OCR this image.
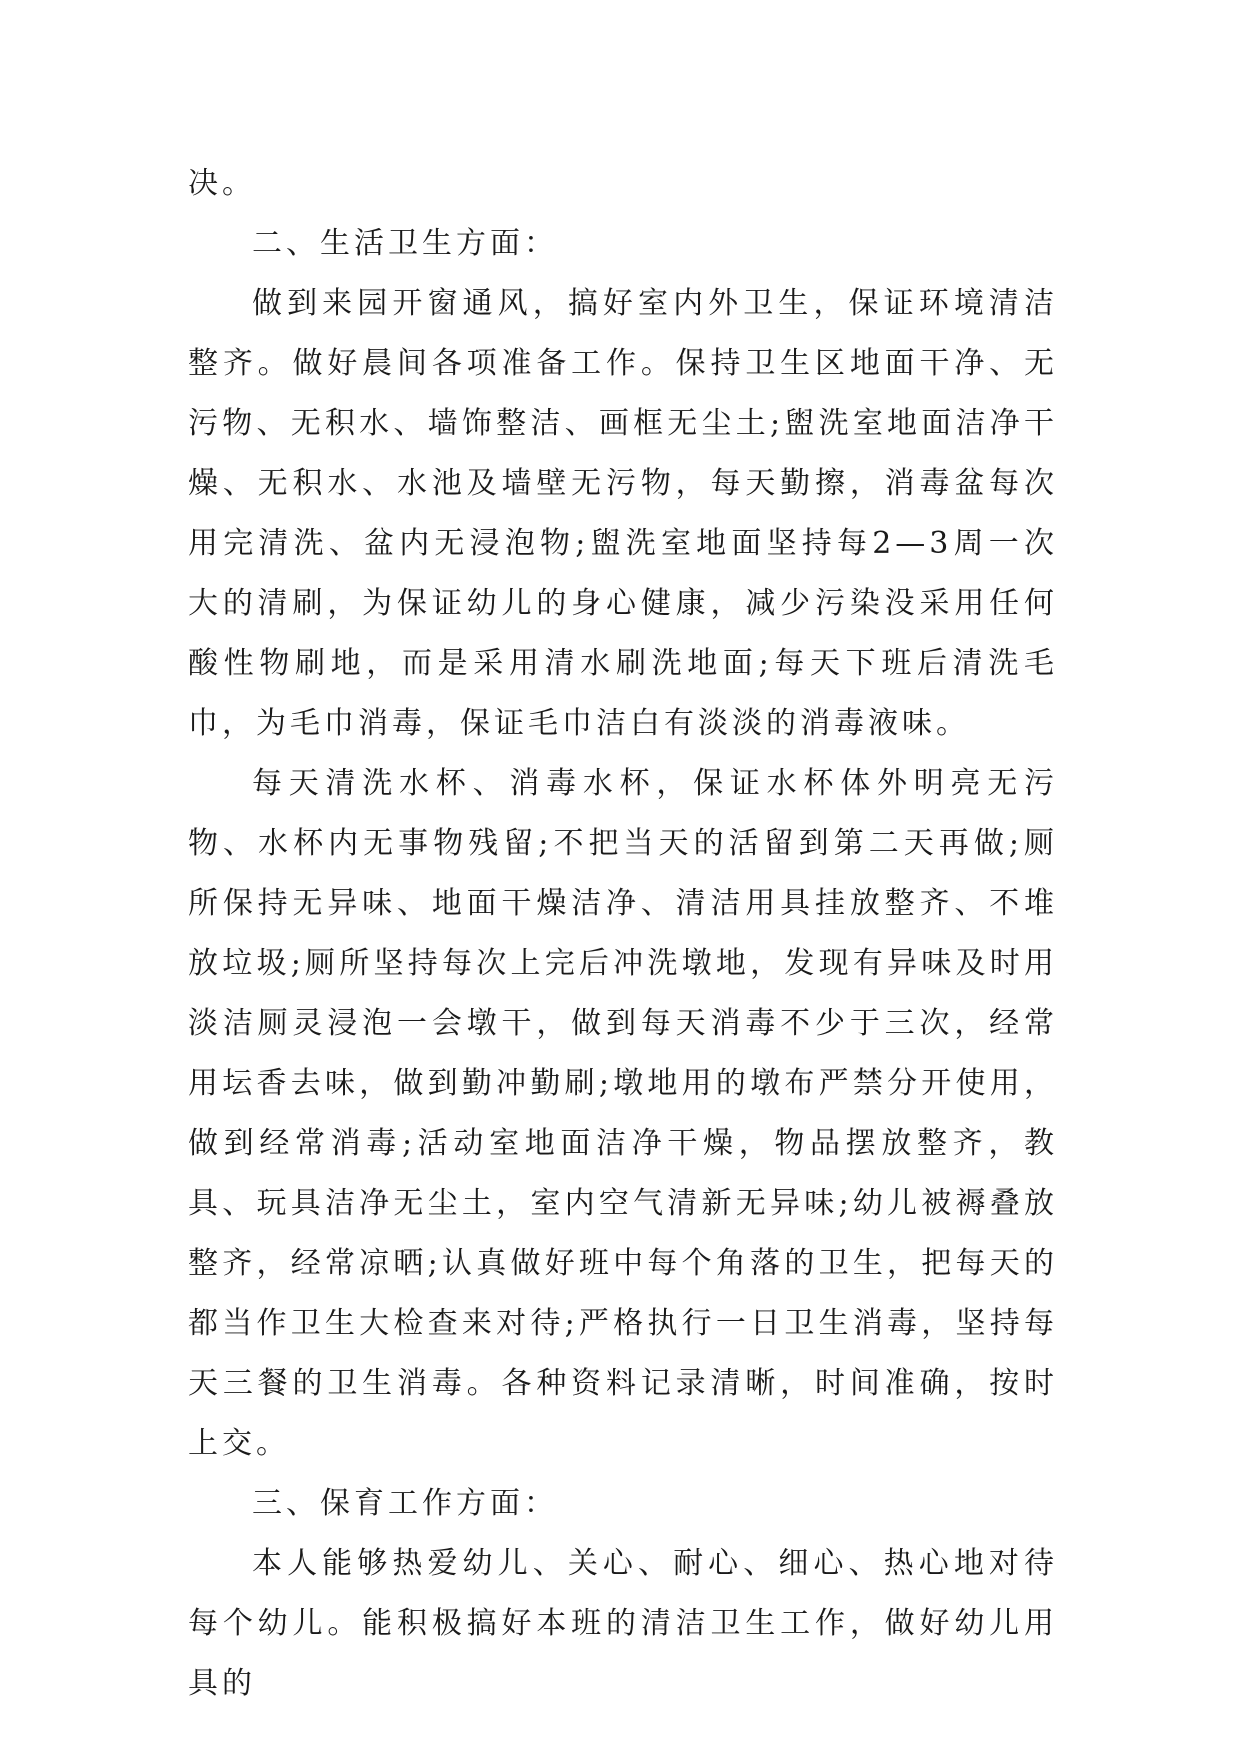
决。

二、生活卫生方面：

做到来园开窗通风，搞好室内外卫生，保证环境清洁整齐。做好晨间各项准备工作。保持卫生区地面干净、无污物、无积水、墙饰整洁、画框无尘土;盥洗室地面洁净干燥、无积水、水池及墙壁无污物，每天勤擦，消毒盆每次用完清洗、盆内无浸泡物;盥洗室地面坚持每2—3周一次大的清刷，为保证幼儿的身心健康，减少污染没采用任何酸性物刷地，而是采用清水刷洗地面;每天下班后清洗毛巾，为毛巾消毒，保证毛巾洁白有淡淡的消毒液味。

每天清洗水杯、消毒水杯，保证水杯体外明亮无污物、水杯内无事物残留;不把当天的活留到第二天再做;厕所保持无异味、地面干燥洁净、清洁用具挂放整齐、不堆放垃圾;厕所坚持每次上完后冲洗墩地，发现有异味及时用淡洁厕灵浸泡一会墩干，做到每天消毒不少于三次，经常用坛香去味，做到勤冲勤刷;墩地用的墩布严禁分开使用，做到经常消毒;活动室地面洁净干燥，物品摆放整齐，教具、玩具洁净无尘土，室内空气清新无异味;幼儿被褥叠放整齐，经常凉晒;认真做好班中每个角落的卫生，把每天的都当作卫生大检查来对待;严格执行一日卫生消毒，坚持每天三餐的卫生消毒。各种资料记录清晰，时间准确，按时上交。

三、保育工作方面：

本人能够热爱幼儿、关心、耐心、细心、热心地对待每个幼儿。能积极搞好本班的清洁卫生工作，做好幼儿用具的
